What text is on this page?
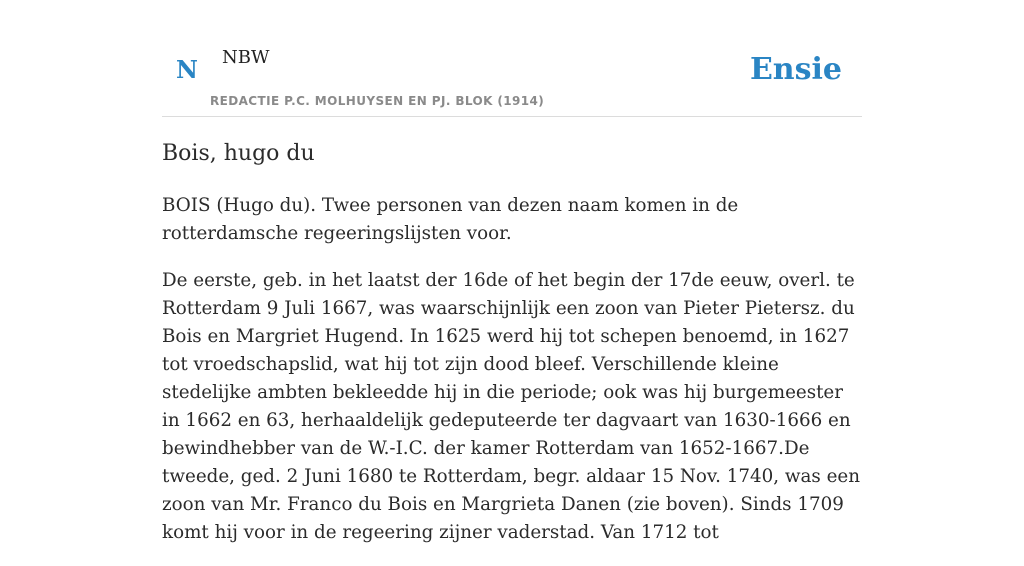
N NBW
REDACTIE P.C. MOLHUYSEN EN PJ. BLOK (1914)
Ensie
Bois, hugo du

BOIS (Hugo du). Twee personen van dezen naam komen in de rotterdamsche regeeringslijsten voor.

De eerste, geb. in het laatst der 16de of het begin der 17de eeuw, overl. te Rotterdam 9 Juli 1667, was waarschijnlijk een zoon van Pieter Pietersz. du Bois en Margriet Hugend. In 1625 werd hij tot schepen benoemd, in 1627 tot vroedschapslid, wat hij tot zijn dood bleef. Verschillende kleine stedelijke ambten bekleedde hij in die periode; ook was hij burgemeester in 1662 en 63, herhaaldelijk gedeputeerde ter dagvaart van 1630-1666 en bewindhebber van de W.-I.C. der kamer Rotterdam van 1652-1667.De tweede, ged. 2 Juni 1680 te Rotterdam, begr. aldaar 15 Nov. 1740, was een zoon van Mr. Franco du Bois en Margrieta Danen (zie boven). Sinds 1709 komt hij voor in de regeering zijner vaderstad. Van 1712 tot
